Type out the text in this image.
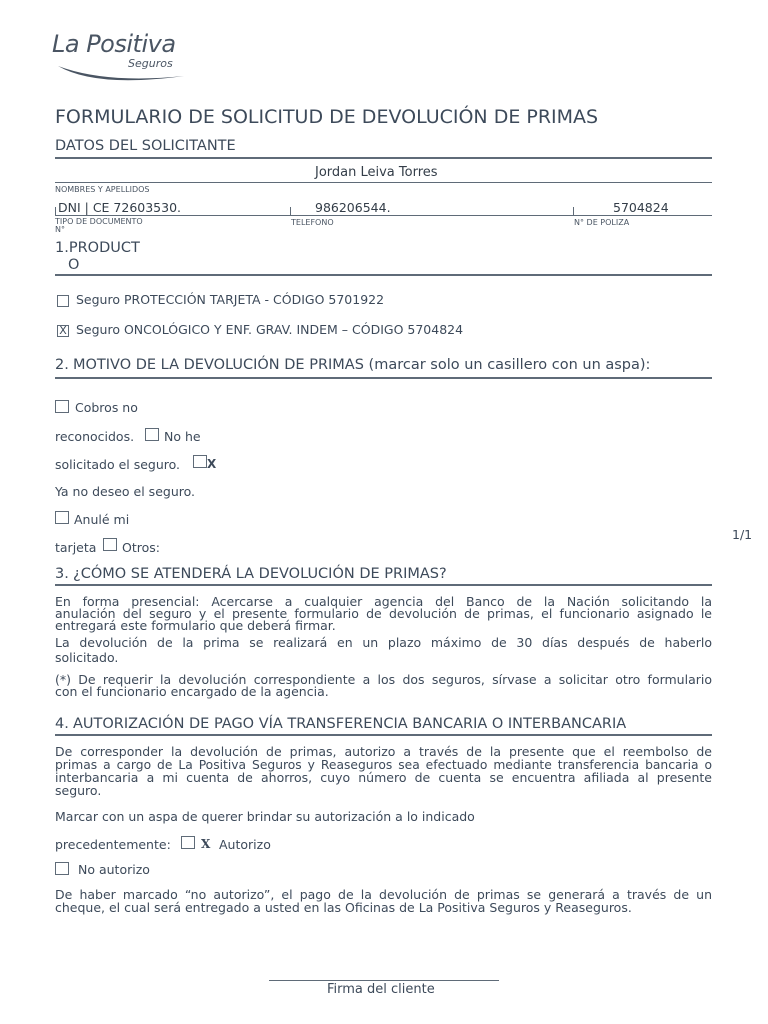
La Positiva
Seguros
FORMULARIO DE SOLICITUD DE DEVOLUCIÓN DE PRIMAS
DATOS DEL SOLICITANTE
Jordan Leiva Torres
NOMBRES Y APELLIDOS
DNI | CE 72603530.	986206544.	5704824
TIPO DE DOCUMENTO
N°
TELEFONO	N° DE POLIZA
1.PRODUCT
O
Seguro PROTECCIÓN TARJETA - CÓDIGO 5701922
X Seguro ONCOLÓGICO Y ENF. GRAV. INDEM – CÓDIGO 5704824
2. MOTIVO DE LA DEVOLUCIÓN DE PRIMAS (marcar solo un casillero con un aspa):
Cobros no
reconocidos. No he
solicitado el seguro. X
Ya no deseo el seguro.
Anulé mi
tarjeta Otros:
1/1
3. ¿CÓMO SE ATENDERÁ LA DEVOLUCIÓN DE PRIMAS?
En forma presencial: Acercarse a cualquier agencia del Banco de la Nación solicitando la
anulación del seguro y el presente formulario de devolución de primas, el funcionario asignado le
entregará este formulario que deberá firmar.
La devolución de la prima se realizará en un plazo máximo de 30 días después de haberlo
solicitado.
(*) De requerir la devolución correspondiente a los dos seguros, sírvase a solicitar otro formulario
con el funcionario encargado de la agencia.
4. AUTORIZACIÓN DE PAGO VÍA TRANSFERENCIA BANCARIA O INTERBANCARIA
De corresponder la devolución de primas, autorizo a través de la presente que el reembolso de
primas a cargo de La Positiva Seguros y Reaseguros sea efectuado mediante transferencia bancaria o
interbancaria a mi cuenta de ahorros, cuyo número de cuenta se encuentra afiliada al presente
seguro.
Marcar con un aspa de querer brindar su autorización a lo indicado
precedentemente:	X Autorizo
No autorizo
De haber marcado “no autorizo”, el pago de la devolución de primas se generará a través de un
cheque, el cual será entregado a usted en las Oficinas de La Positiva Seguros y Reaseguros.
Firma del cliente
